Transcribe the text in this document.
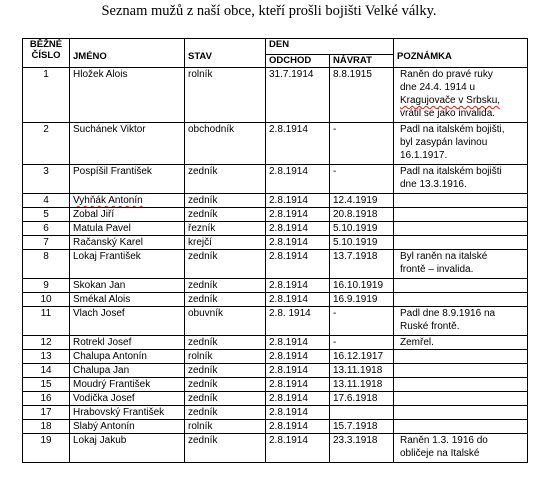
Seznam mužů z naší obce, kteří prošli bojišti Velké války.
BĚŽNÉ ČÍSLO	JMÉNO	STAV	DEN		POZNÁMKA
			ODCHOD	NÁVRAT	
1	Hložek Alois	rolník	31.7.1914	8.8.1915	Raněn do pravé ruky
dne 24.4. 1914 u
Kragujovače v Srbsku,
vrátil se jako invalida.

2	Suchánek Viktor	obchodník	2.8.1914	-	Padl na italském bojišti,
byl zasypán lavinou
16.1.1917.

3	Pospíšil František	zedník	2.8.1914	-	Padl na italském bojišti
dne 13.3.1916.

4	Vyhňák Antonín	zedník	2.8.1914	12.4.1919	
5	Zobal Jiří	zedník	2.8.1914	20.8.1918	
6	Matula Pavel	řezník	2.8.1914	5.10.1919	
7	Račanský Karel	krejčí	2.8.1914	5.10.1919	
8	Lokaj František	zedník	2.8.1914	13.7.1918	Byl raněn na italské
frontě – invalida.

9	Skokan Jan	zedník	2.8.1914	16.10.1919	
10	Smékal Alois	zedník	2.8.1914	16.9.1919	
11	Vlach Josef	obuvník	2.8. 1914	-	Padl dne 8.9.1916 na
Ruské frontě.

12	Rotrekl Josef	zedník	2.8.1914	-	Zemřel.

13	Chalupa Antonín	rolník	2.8.1914	16.12.1917	
14	Chalupa Jan	zedník	2.8.1914	13.11.1918	
15	Moudrý František	zedník	2.8.1914	13.11.1918	
16	Vodička Josef	zedník	2.8.1914	17.6.1918	
17	Hrabovský František	zedník	2.8.1914		
18	Slabý Antonín	rolník	2.8.1914	15.7.1918	
19	Lokaj Jakub	zedník	2.8.1914	23.3.1918	Raněn 1.3. 1916 do
obličeje na Italské
